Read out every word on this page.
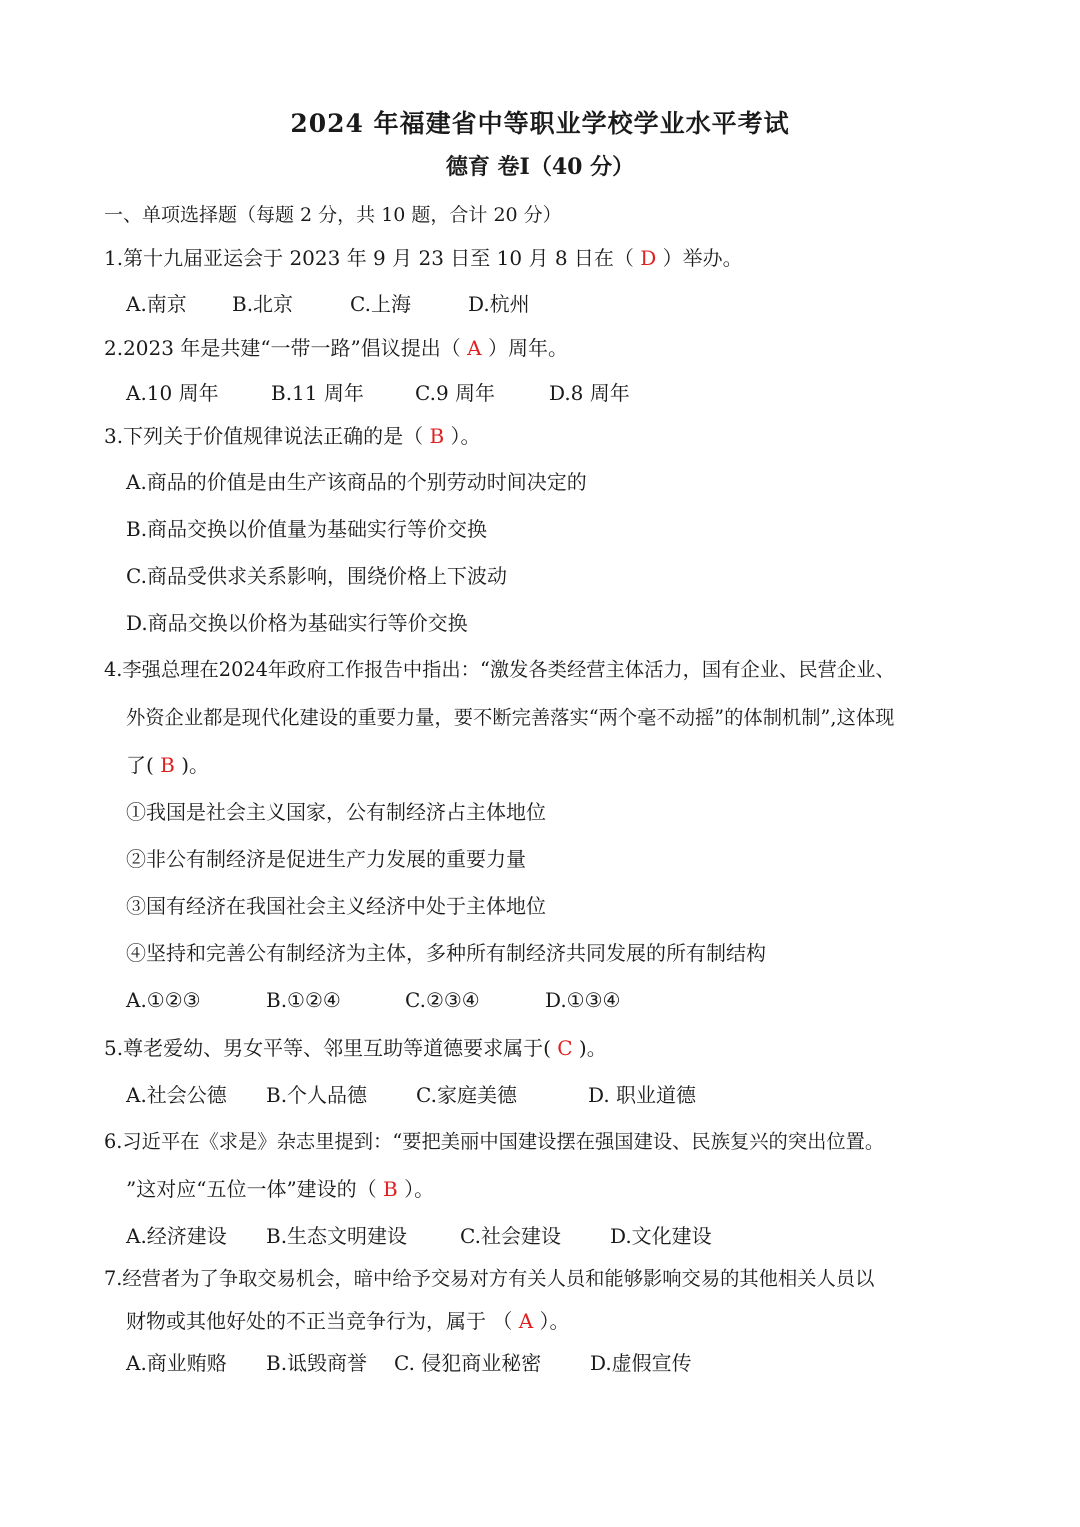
2024 年福建省中等职业学校学业水平考试
德育 卷I（40 分）
一、单项选择题（每题 2 分，共 10 题，合计 20 分）
1.第十九届亚运会于 2023 年 9 月 23 日至 10 月 8 日在（ D ）举办。
A.南京 B.北京	C.上海	D.杭州
2.2023 年是共建“一带一路”倡议提出（ A ）周年。
A.10 周年	B.11 周年	C.9 周年	D.8 周年
3.下列关于价值规律说法正确的是（ B ）。
A.商品的价值是由生产该商品的个别劳动时间决定的
B.商品交换以价值量为基础实行等价交换
C.商品受供求关系影响，围绕价格上下波动
D.商品交换以价格为基础实行等价交换
4.李强总理在2024年政府工作报告中指出：“激发各类经营主体活力，国有企业、民营企业、
外资企业都是现代化建设的重要力量，要不断完善落实“两个毫不动摇”的体制机制”,这体现
了( B )。
①我国是社会主义国家，公有制经济占主体地位
②非公有制经济是促进生产力发展的重要力量
③国有经济在我国社会主义经济中处于主体地位
④坚持和完善公有制经济为主体，多种所有制经济共同发展的所有制结构
A.①②③	B.①②④	C.②③④	D.①③④
5.尊老爱幼、男女平等、邻里互助等道德要求属于( C )。
A.社会公德 B.个人品德 C.家庭美德	D. 职业道德
6.习近平在《求是》杂志里提到：“要把美丽中国建设摆在强国建设、民族复兴的突出位置。
”这对应“五位一体”建设的（ B ）。
A.经济建设 B.生态文明建设	C.社会建设 D.文化建设
7.经营者为了争取交易机会，暗中给予交易对方有关人员和能够影响交易的其他相关人员以
财物或其他好处的不正当竞争行为，属于 （ A ）。
A.商业贿赂 B.诋毁商誉 C. 侵犯商业秘密 D.虚假宣传
